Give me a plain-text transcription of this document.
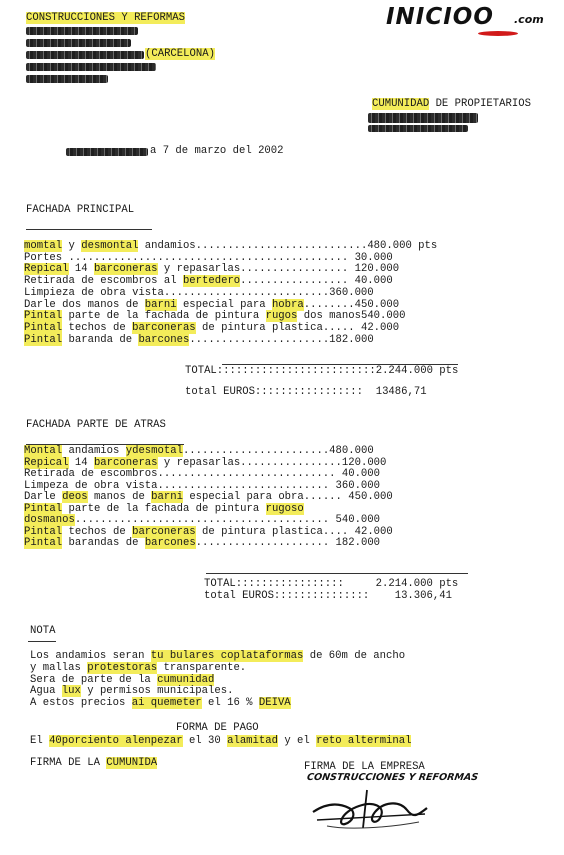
INICIOO .com
CONSTRUCCIONES Y REFORMAS
(CARCELONA)
CUMUNIDAD DE PROPIETARIOS
a 7 de marzo del 2002
FACHADA PRINCIPAL
momtal y desmontal andamios...........................480.000 pts
Portes ............................................ 30.000
Repical 14 barconeras y repasarlas................. 120.000
Retirada de escombros al bertedero................. 40.000
Limpieza de obra vista..........................360.000
Darle dos manos de barni especial para hobra........450.000
Pintal parte de la fachada de pintura rugos dos manos540.000
Pintal techos de barconeras de pintura plastica..... 42.000
Pintal baranda de barcones......................182.000
TOTAL:::::::::::::::::::::::::2.244.000 pts
total EUROS:::::::::::::::::  13486,71
FACHADA PARTE DE ATRAS
Montal andamios ydesmotal.......................480.000
Repical 14 barconeras y repasarlas................120.000
Retirada de escombros............................ 40.000
Limpeza de obra vista........................... 360.000
Darle deos manos de barni especial para obra...... 450.000
Pintal parte de la fachada de pintura rugoso
dosmanos........................................ 540.000
Pintal techos de barconeras de pintura plastica.... 42.000
Pintal barandas de barcones..................... 182.000
TOTAL:::::::::::::::::     2.214.000 pts
total EUROS:::::::::::::::    13.306,41
NOTA
Los andamios seran tu bulares coplataformas de 60m de ancho
y mallas protestoras transparente.
Sera de parte de la cumunidad
Agua lux y permisos municipales.
A estos precios ai quemeter el 16 % DEIVA
FORMA DE PAGO
El 40porciento alenpezar el 30 alamitad y el reto alterminal
FIRMA DE LA CUMUNIDA	FIRMA DE LA EMPRESA
CONSTRUCCIONES Y REFORMAS
